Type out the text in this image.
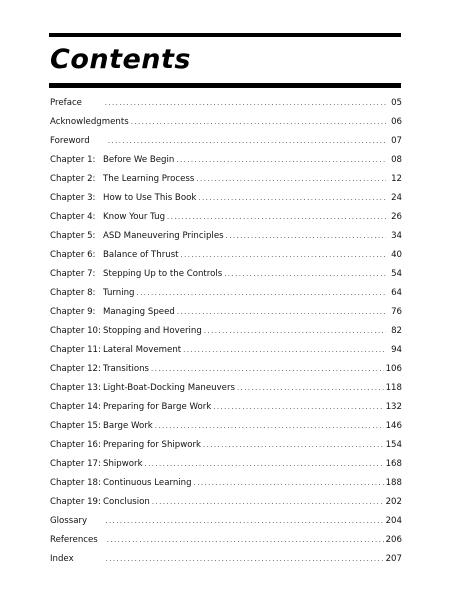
Contents
Preface .....	05
Acknowledgments .....	06
Foreword .....	07
Chapter 1: Before We Begin .....	08
Chapter 2: The Learning Process .....	12
Chapter 3: How to Use This Book .....	24
Chapter 4: Know Your Tug .....	26
Chapter 5: ASD Maneuvering Principles .....	34
Chapter 6: Balance of Thrust .....	40
Chapter 7: Stepping Up to the Controls .....	54
Chapter 8: Turning .....	64
Chapter 9: Managing Speed .....	76
Chapter 10: Stopping and Hovering .....	82
Chapter 11: Lateral Movement .....	94
Chapter 12: Transitions .....	106
Chapter 13: Light-Boat-Docking Maneuvers .....	118
Chapter 14: Preparing for Barge Work .....	132
Chapter 15: Barge Work .....	146
Chapter 16: Preparing for Shipwork .....	154
Chapter 17: Shipwork .....	168
Chapter 18: Continuous Learning .....	188
Chapter 19: Conclusion .....	202
Glossary .....	204
References .....	206
Index .....	207
